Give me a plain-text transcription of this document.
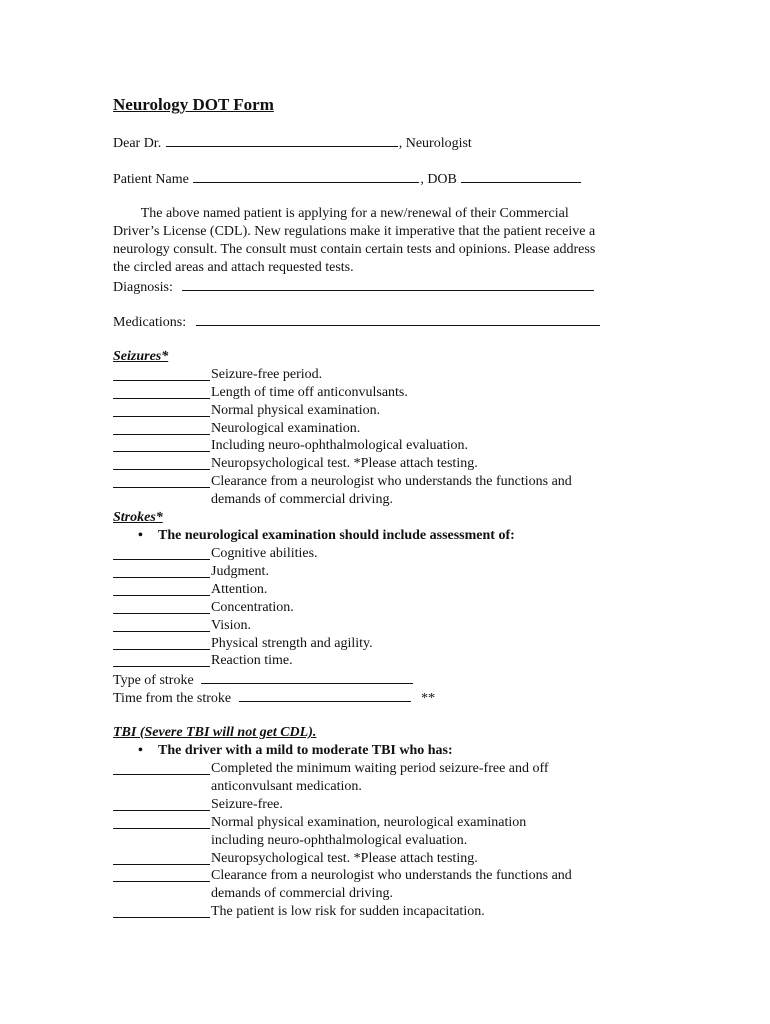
Neurology DOT Form
Dear Dr.	, Neurologist
Patient Name	, DOB

The above named patient is applying for a new/renewal of their Commercial

Driver’s License (CDL). New regulations make it imperative that the patient receive a

neurology consult. The consult must contain certain tests and opinions. Please address

the circled areas and attach requested tests.

Diagnosis:
Medications:
Seizures*
Seizure-free period.
Length of time off anticonvulsants.
Normal physical examination.
Neurological examination.
Including neuro-ophthalmological evaluation.
Neuropsychological test. *Please attach testing.
Clearance from a neurologist who understands the functions and demands of commercial driving.
Strokes*
• The neurological examination should include assessment of:
Cognitive abilities.
Judgment.
Attention.
Concentration.
Vision.
Physical strength and agility.
Reaction time.
Type of stroke
Time from the stroke	**
TBI (Severe TBI will not get CDL).
• The driver with a mild to moderate TBI who has:
Completed the minimum waiting period seizure-free and off anticonvulsant medication.
Seizure-free.
Normal physical examination, neurological examination including neuro-ophthalmological evaluation.
Neuropsychological test. *Please attach testing.
Clearance from a neurologist who understands the functions and demands of commercial driving.
The patient is low risk for sudden incapacitation.
